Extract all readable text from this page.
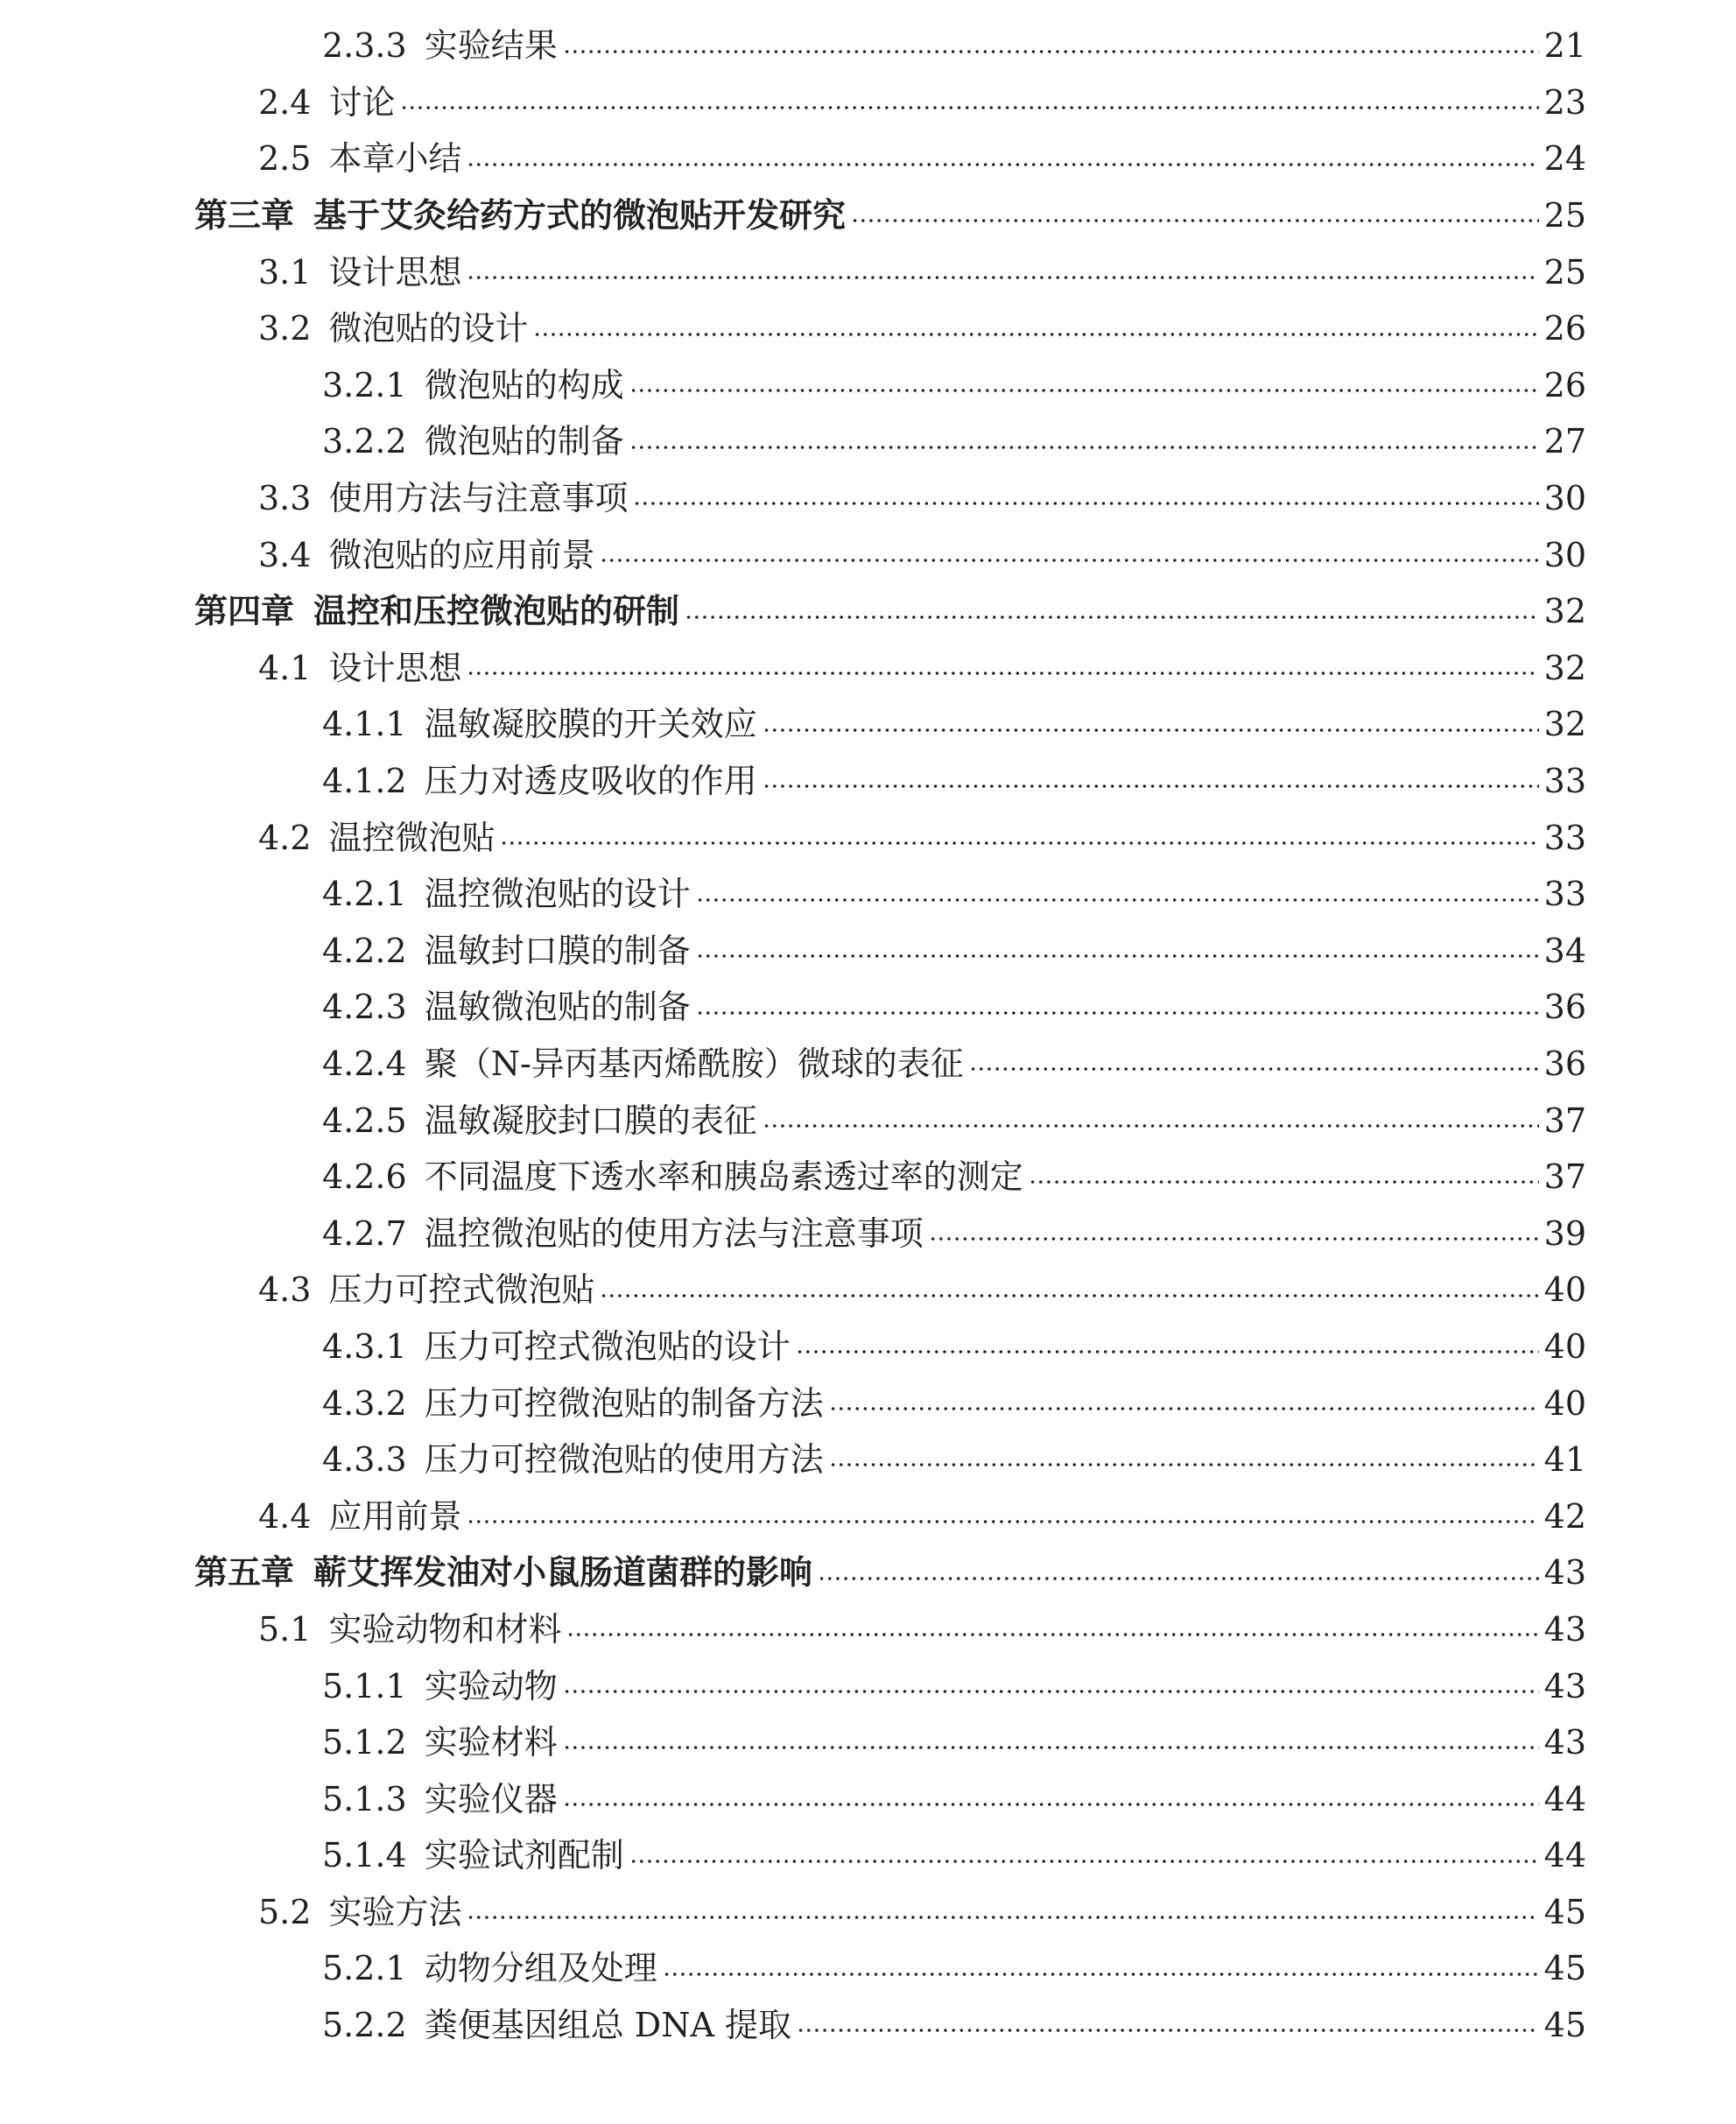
2.3.3 实验结果	21
2.4 讨论	23
2.5 本章小结	24
第三章 基于艾灸给药方式的微泡贴开发研究	25
3.1 设计思想	25
3.2 微泡贴的设计	26
3.2.1 微泡贴的构成	26
3.2.2 微泡贴的制备	27
3.3 使用方法与注意事项	30
3.4 微泡贴的应用前景	30
第四章 温控和压控微泡贴的研制	32
4.1 设计思想	32
4.1.1 温敏凝胶膜的开关效应	32
4.1.2 压力对透皮吸收的作用	33
4.2 温控微泡贴	33
4.2.1 温控微泡贴的设计	33
4.2.2 温敏封口膜的制备	34
4.2.3 温敏微泡贴的制备	36
4.2.4 聚（N-异丙基丙烯酰胺）微球的表征	36
4.2.5 温敏凝胶封口膜的表征	37
4.2.6 不同温度下透水率和胰岛素透过率的测定	37
4.2.7 温控微泡贴的使用方法与注意事项	39
4.3 压力可控式微泡贴	40
4.3.1 压力可控式微泡贴的设计	40
4.3.2 压力可控微泡贴的制备方法	40
4.3.3 压力可控微泡贴的使用方法	41
4.4 应用前景	42
第五章 蕲艾挥发油对小鼠肠道菌群的影响	43
5.1 实验动物和材料	43
5.1.1 实验动物	43
5.1.2 实验材料	43
5.1.3 实验仪器	44
5.1.4 实验试剂配制	44
5.2 实验方法	45
5.2.1 动物分组及处理	45
5.2.2 粪便基因组总 DNA 提取	45
